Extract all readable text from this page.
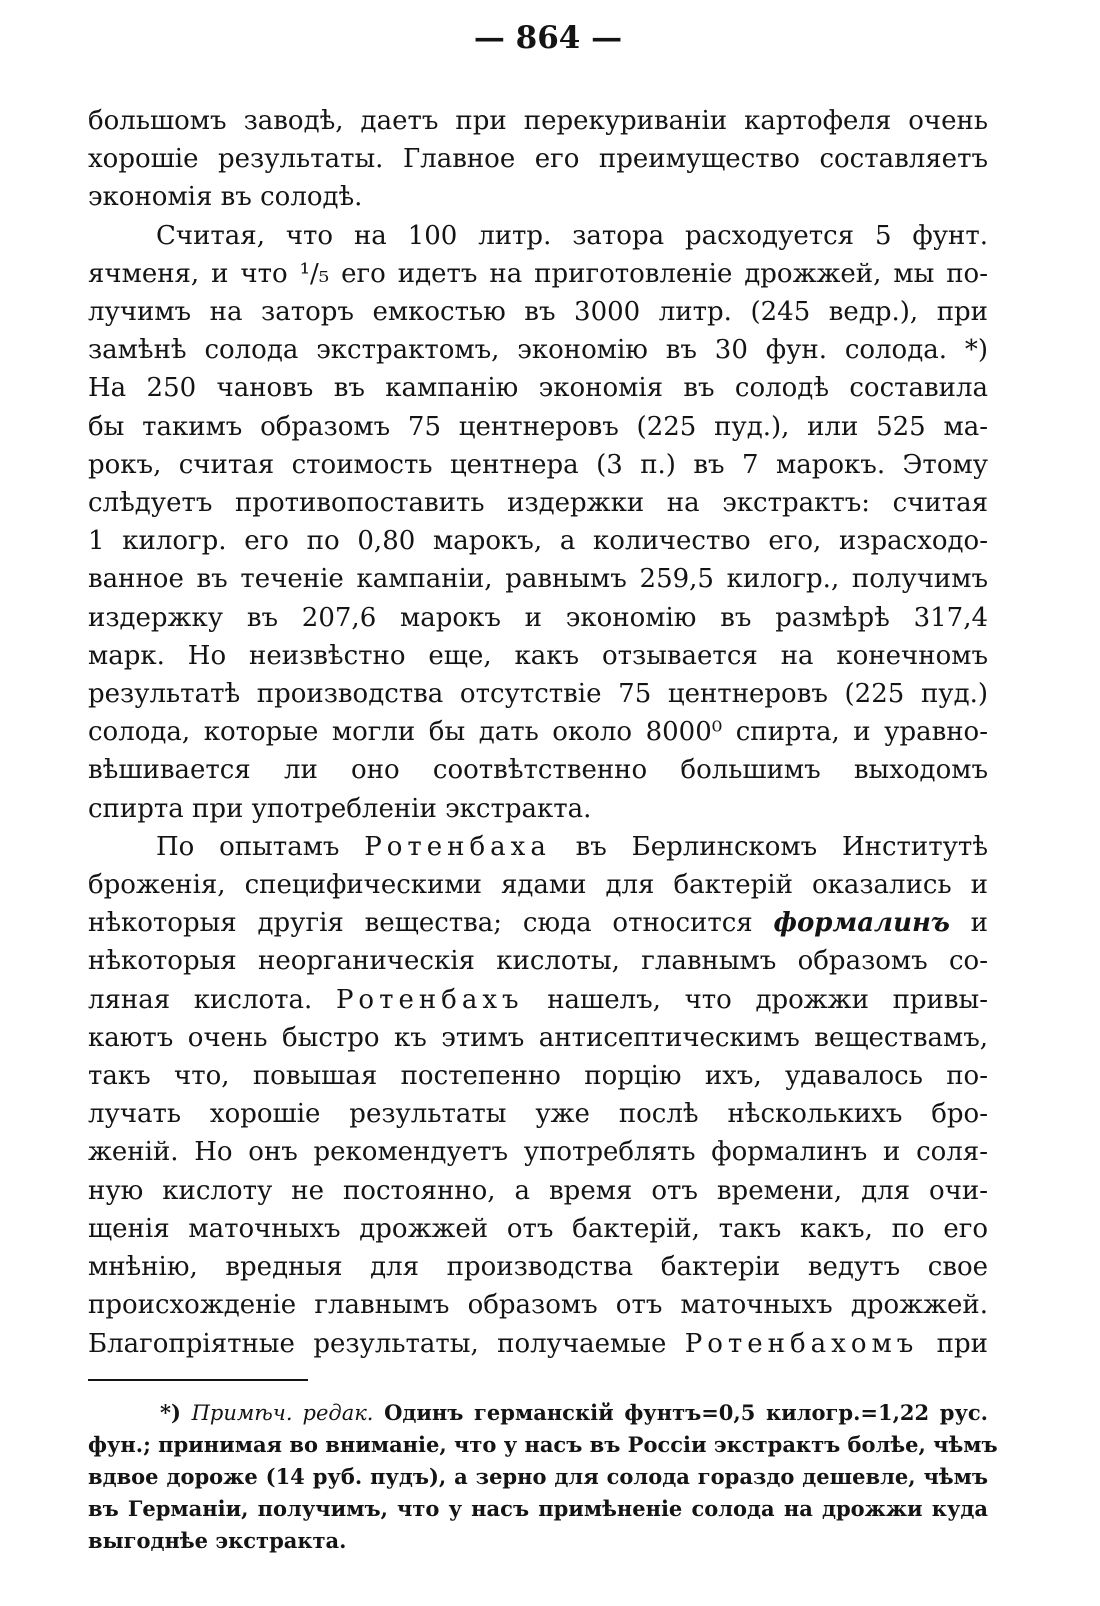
— 864 —
большомъ заводѣ, даетъ при перекуриваніи картофеля очень
хорошіе результаты. Главное его преимущество составляетъ
экономія въ солодѣ.
Считая, что на 100 литр. затора расходуется 5 фунт.
ячменя, и что ¹/₅ его идетъ на приготовленіе дрожжей, мы по-
лучимъ на заторъ емкостью въ 3000 литр. (245 ведр.), при
замѣнѣ солода экстрактомъ, экономію въ 30 фун. солода. *)
На 250 чановъ въ кампанію экономія въ солодѣ составила
бы такимъ образомъ 75 центнеровъ (225 пуд.), или 525 ма-
рокъ, считая стоимость центнера (3 п.) въ 7 марокъ. Этому
слѣдуетъ противопоставить издержки на экстрактъ: считая
1 килогр. его по 0,80 марокъ, а количество его, израсходо-
ванное въ теченіе кампаніи, равнымъ 259,5 килогр., получимъ
издержку въ 207,6 марокъ и экономію въ размѣрѣ 317,4
марк. Но неизвѣстно еще, какъ отзывается на конечномъ
результатѣ производства отсутствіе 75 центнеровъ (225 пуд.)
солода, которые могли бы дать около 8000⁰ спирта, и уравно-
вѣшивается ли оно соотвѣтственно большимъ выходомъ
спирта при употребленіи экстракта.
По опытамъ Ротенбаха въ Берлинскомъ Институтѣ
броженія, специфическими ядами для бактерій оказались и
нѣкоторыя другія вещества; сюда относится формалинъ и
нѣкоторыя неорганическія кислоты, главнымъ образомъ со-
ляная кислота. Ротенбахъ нашелъ, что дрожжи привы-
каютъ очень быстро къ этимъ антисептическимъ веществамъ,
такъ что, повышая постепенно порцію ихъ, удавалось по-
лучать хорошіе результаты уже послѣ нѣсколькихъ бро-
женій. Но онъ рекомендуетъ употреблять формалинъ и соля-
ную кислоту не постоянно, а время отъ времени, для очи-
щенія маточныхъ дрожжей отъ бактерій, такъ какъ, по его
мнѣнію, вредныя для производства бактеріи ведутъ свое
происхожденіе главнымъ образомъ отъ маточныхъ дрожжей.
Благопріятные результаты, получаемые Ротенбахомъ при
*) Примѣч. редак. Одинъ германскій фунтъ=0,5 килогр.=1,22 рус.
фун.; принимая во вниманіе, что у насъ въ Россіи экстрактъ болѣе, чѣмъ
вдвое дороже (14 руб. пудъ), а зерно для солода гораздо дешевле, чѣмъ
въ Германіи, получимъ, что у насъ примѣненіе солода на дрожжи куда
выгоднѣе экстракта.
